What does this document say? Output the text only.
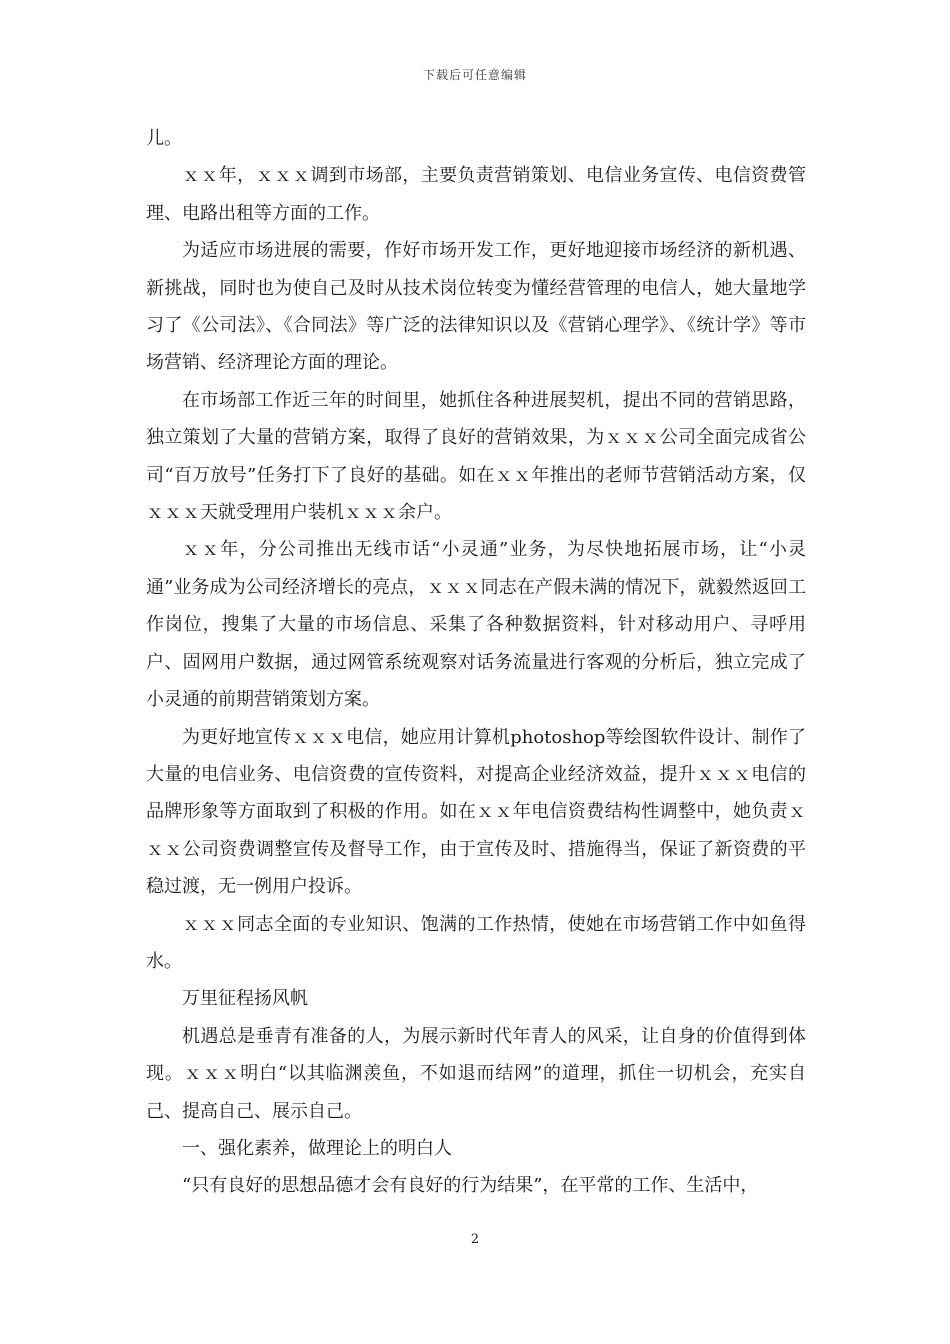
下载后可任意编辑

儿。

ｘｘ年，ｘｘｘ调到市场部，主要负责营销策划、电信业务宣传、电信资费管理、电路出租等方面的工作。

为适应市场进展的需要，作好市场开发工作，更好地迎接市场经济的新机遇、新挑战，同时也为使自己及时从技术岗位转变为懂经营管理的电信人，她大量地学习了《公司法》、《合同法》等广泛的法律知识以及《营销心理学》、《统计学》等市场营销、经济理论方面的理论。

在市场部工作近三年的时间里，她抓住各种进展契机，提出不同的营销思路，独立策划了大量的营销方案，取得了良好的营销效果，为ｘｘｘ公司全面完成省公司“百万放号”任务打下了良好的基础。如在ｘｘ年推出的老师节营销活动方案，仅ｘｘｘ天就受理用户装机ｘｘｘ余户。

ｘｘ年，分公司推出无线市话“小灵通”业务，为尽快地拓展市场，让“小灵通”业务成为公司经济增长的亮点，ｘｘｘ同志在产假未满的情况下，就毅然返回工作岗位，搜集了大量的市场信息、采集了各种数据资料，针对移动用户、寻呼用户、固网用户数据，通过网管系统观察对话务流量进行客观的分析后，独立完成了小灵通的前期营销策划方案。

为更好地宣传ｘｘｘ电信，她应用计算机photoshop等绘图软件设计、制作了大量的电信业务、电信资费的宣传资料，对提高企业经济效益，提升ｘｘｘ电信的品牌形象等方面取到了积极的作用。如在ｘｘ年电信资费结构性调整中，她负责ｘｘｘ公司资费调整宣传及督导工作，由于宣传及时、措施得当，保证了新资费的平稳过渡，无一例用户投诉。

ｘｘｘ同志全面的专业知识、饱满的工作热情，使她在市场营销工作中如鱼得水。

万里征程扬风帆

机遇总是垂青有准备的人，为展示新时代年青人的风采，让自身的价值得到体现。ｘｘｘ明白“以其临渊羡鱼，不如退而结网”的道理，抓住一切机会，充实自己、提高自己、展示自己。

一、强化素养，做理论上的明白人

“只有良好的思想品德才会有良好的行为结果”，在平常的工作、生活中，

2
